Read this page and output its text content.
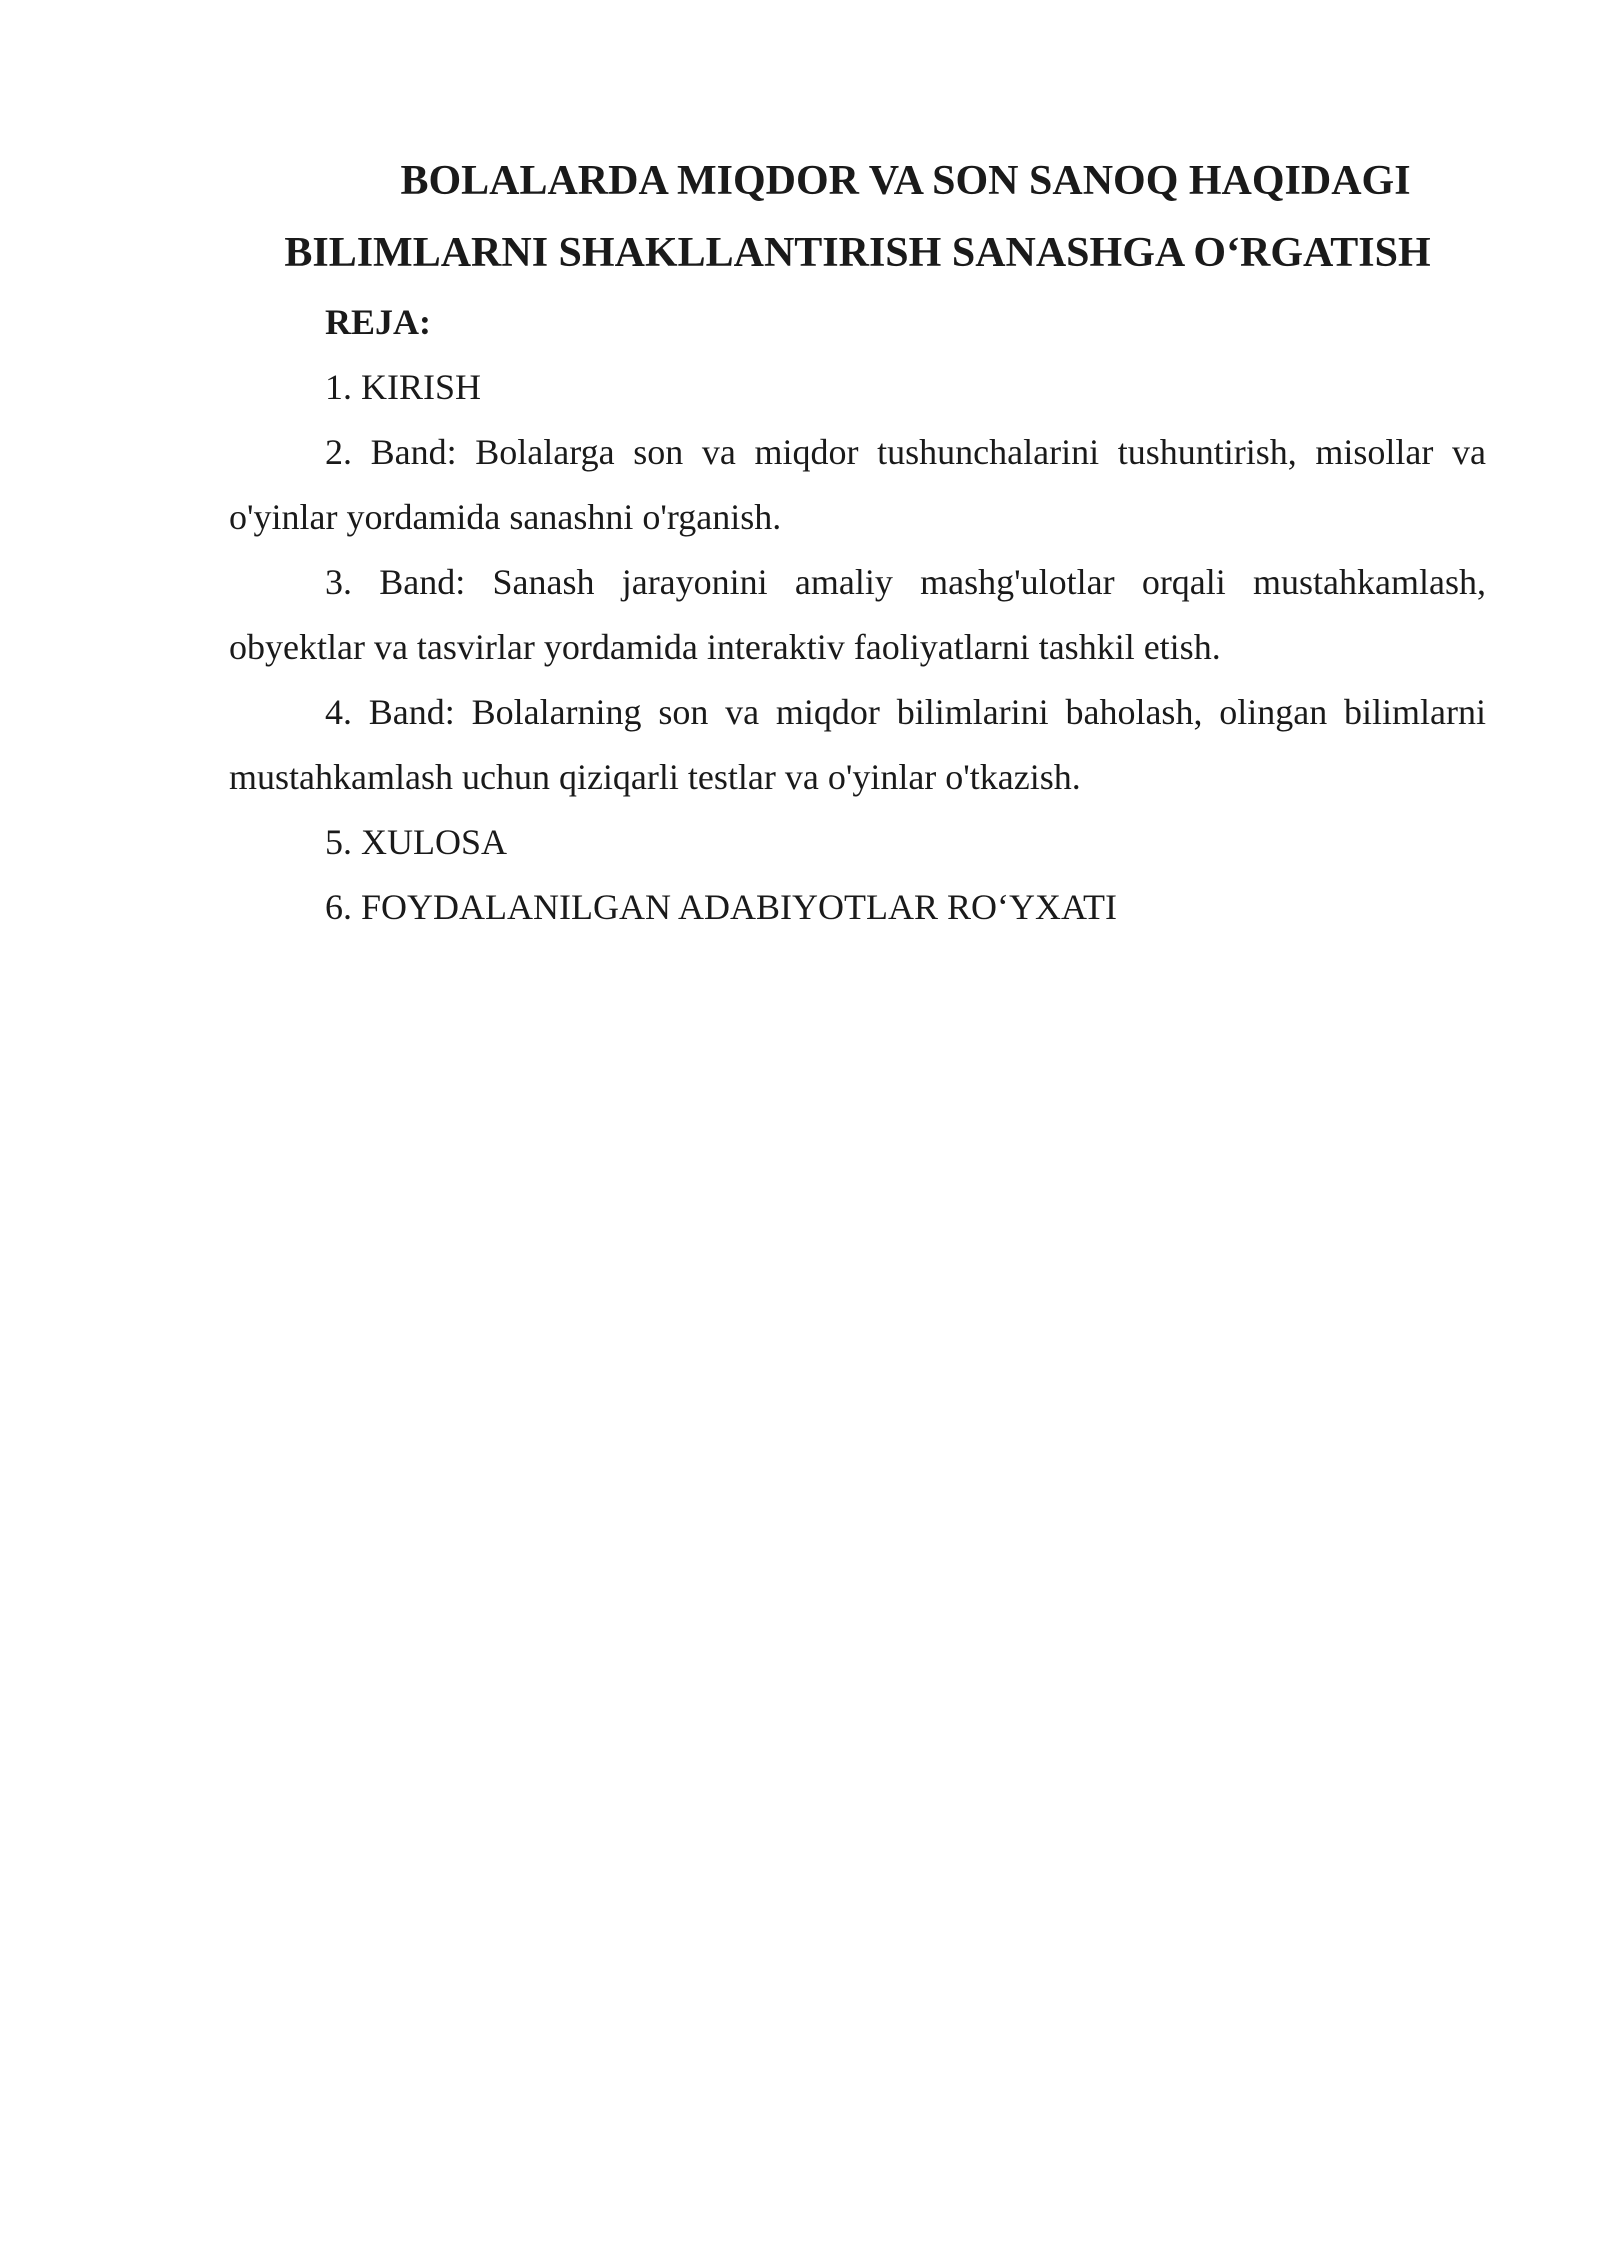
BOLALARDA MIQDOR VA SON SANOQ HAQIDAGI
BILIMLARNI SHAKLLANTIRISH SANASHGA O‘RGATISH

REJA:

1. KIRISH
2. Band: Bolalarga son va miqdor tushunchalarini tushuntirish, misollar va o'yinlar yordamida sanashni o'rganish.
3. Band: Sanash jarayonini amaliy mashg'ulotlar orqali mustahkamlash, obyektlar va tasvirlar yordamida interaktiv faoliyatlarni tashkil etish.
4. Band: Bolalarning son va miqdor bilimlarini baholash, olingan bilimlarni mustahkamlash uchun qiziqarli testlar va o'yinlar o'tkazish.
5. XULOSA
6. FOYDALANILGAN ADABIYOTLAR RO‘YXATI
